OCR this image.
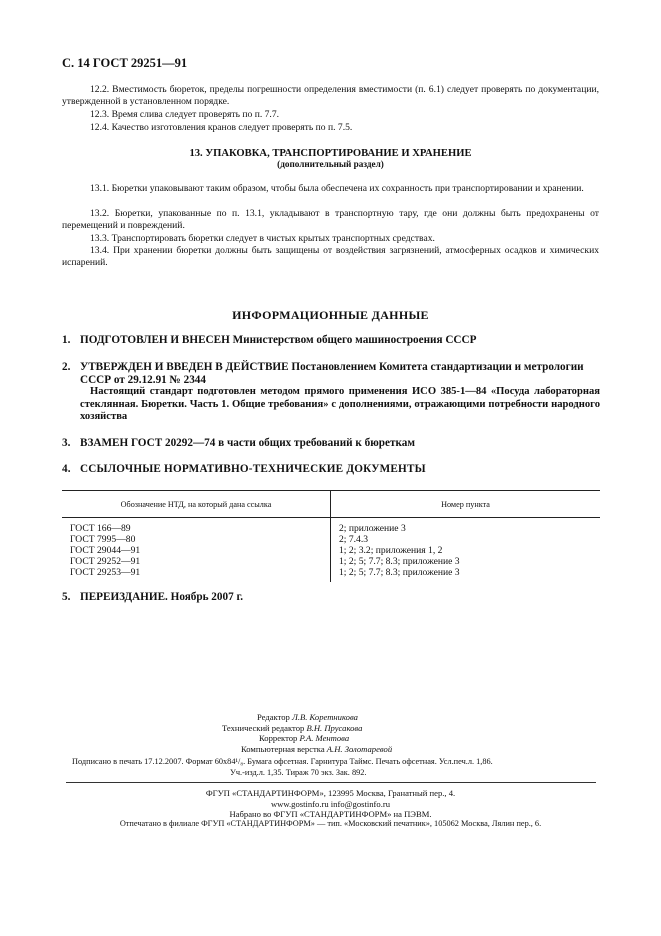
С. 14 ГОСТ 29251—91
12.2. Вместимость бюреток, пределы погрешности определения вместимости (п. 6.1) следует проверять по документации, утвержденной в установленном порядке.
12.3. Время слива следует проверять по п. 7.7.
12.4. Качество изготовления кранов следует проверять по п. 7.5.
13. УПАКОВКА, ТРАНСПОРТИРОВАНИЕ И ХРАНЕНИЕ
(дополнительный раздел)
13.1. Бюретки упаковывают таким образом, чтобы была обеспечена их сохранность при транспортировании и хранении.
13.2. Бюретки, упакованные по п. 13.1, укладывают в транспортную тару, где они должны быть предохранены от перемещений и повреждений.
13.3. Транспортировать бюретки следует в чистых крытых транспортных средствах.
13.4. При хранении бюретки должны быть защищены от воздействия загрязнений, атмосферных осадков и химических испарений.
ИНФОРМАЦИОННЫЕ ДАННЫЕ
1. ПОДГОТОВЛЕН И ВНЕСЕН Министерством общего машиностроения СССР
2. УТВЕРЖДЕН И ВВЕДЕН В ДЕЙСТВИЕ Постановлением Комитета стандартизации и метрологии СССР от 29.12.91 № 2344
Настоящий стандарт подготовлен методом прямого применения ИСО 385-1—84 «Посуда лабораторная стеклянная. Бюретки. Часть 1. Общие требования» с дополнениями, отражающими потребности народного хозяйства
3. ВЗАМЕН ГОСТ 20292—74 в части общих требований к бюреткам
4. ССЫЛОЧНЫЕ НОРМАТИВНО-ТЕХНИЧЕСКИЕ ДОКУМЕНТЫ
Обозначение НТД, на который дана ссылка	Номер пункта
ГОСТ 166—89	2; приложение 3
ГОСТ 7995—80	2; 7.4.3
ГОСТ 29044—91	1; 2; 3.2; приложения 1, 2
ГОСТ 29252—91	1; 2; 5; 7.7; 8.3; приложение 3
ГОСТ 29253—91	1; 2; 5; 7.7; 8.3; приложение 3
5. ПЕРЕИЗДАНИЕ. Ноябрь 2007 г.
Редактор Л.В. Коретникова
Технический редактор В.Н. Прусакова
Корректор Р.А. Ментова
Компьютерная верстка А.Н. Золотаревой
Подписано в печать 17.12.2007. Формат 60х84¹/₈. Бумага офсетная. Гарнитура Таймс. Печать офсетная. Усл.печ.л. 1,86.
Уч.-изд.л. 1,35. Тираж 70 экз. Зак. 892.
ФГУП «СТАНДАРТИНФОРМ», 123995 Москва, Гранатный пер., 4.
www.gostinfo.ru info@gostinfo.ru
Набрано во ФГУП «СТАНДАРТИНФОРМ» на ПЭВМ.
Отпечатано в филиале ФГУП «СТАНДАРТИНФОРМ» — тип. «Московский печатник», 105062 Москва, Лялин пер., 6.
